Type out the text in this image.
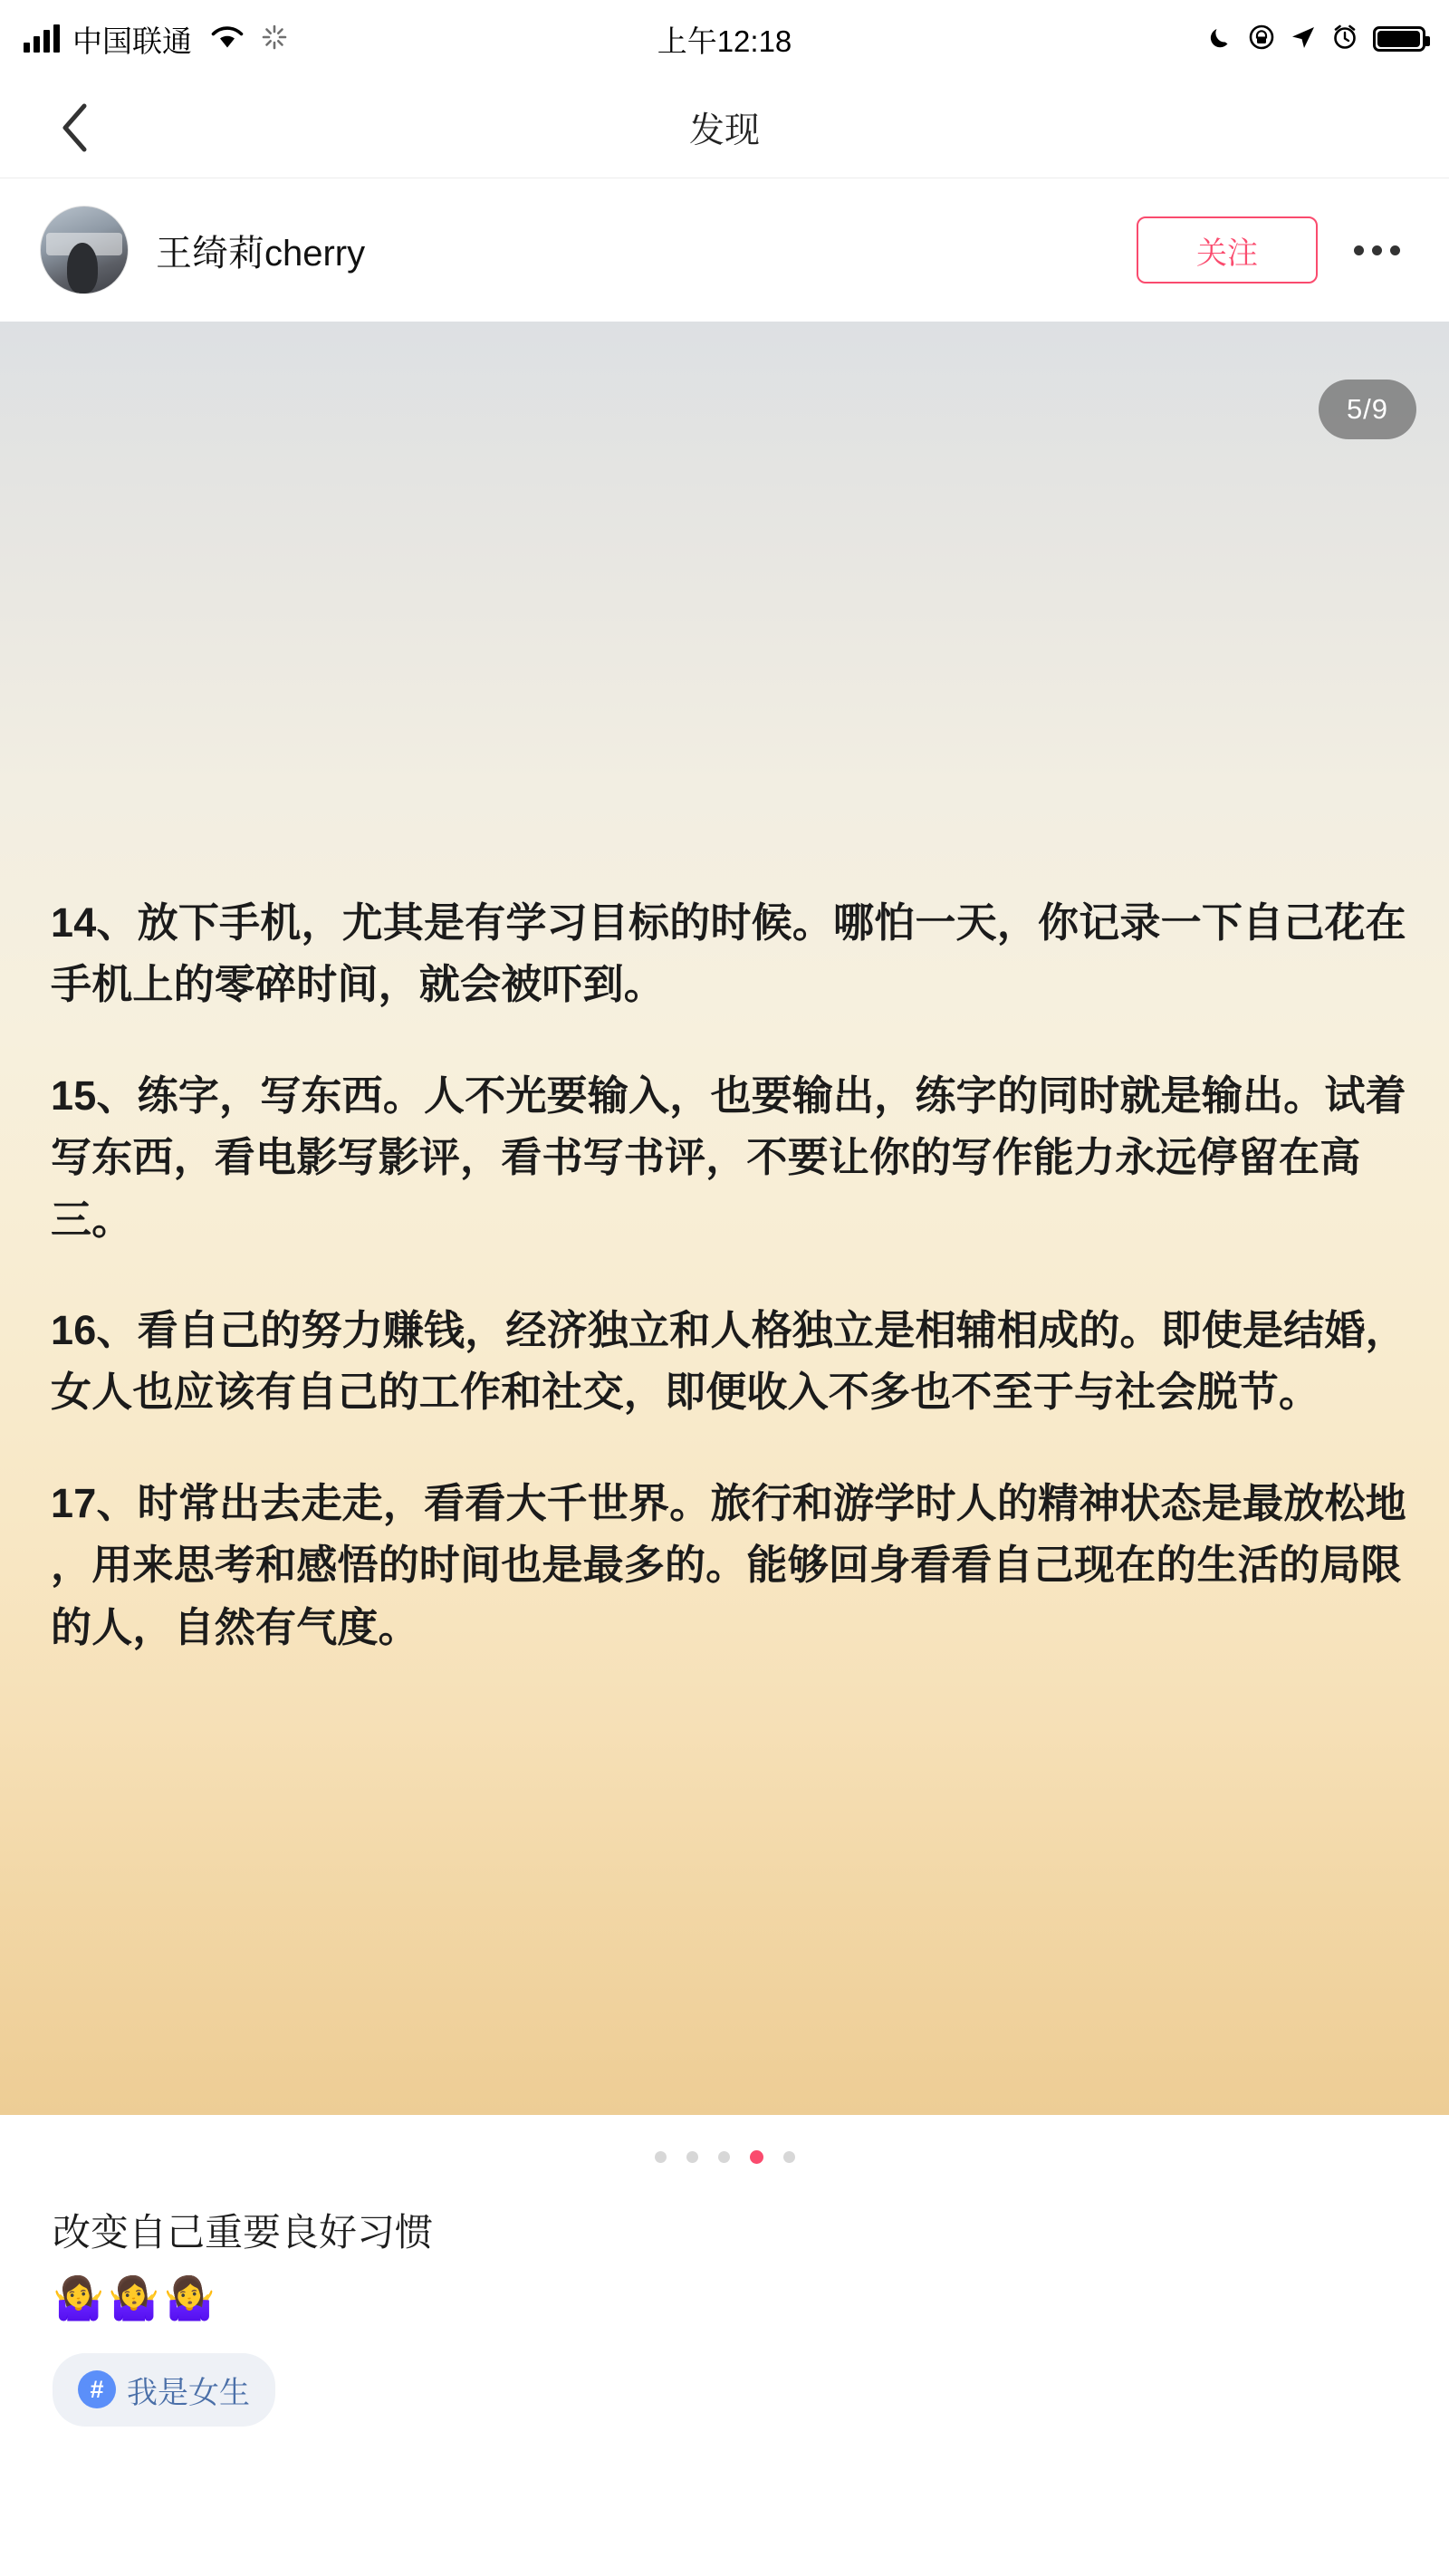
中国联通	上午12:18
发现
王绮莉cherry	关注
5/9

14、放下手机，尤其是有学习目标的时候。哪怕一天，你记录一下自己花在手机上的零碎时间，就会被吓到。

15、练字，写东西。人不光要输入，也要输出，练字的同时就是输出。试着写东西，看电影写影评，看书写书评，不要让你的写作能力永远停留在高三。

16、看自己的努力赚钱，经济独立和人格独立是相辅相成的。即使是结婚，女人也应该有自己的工作和社交，即便收入不多也不至于与社会脱节。

17、时常出去走走，看看大千世界。旅行和游学时人的精神状态是最放松地 ，用来思考和感悟的时间也是最多的。能够回身看看自己现在的生活的局限的人，自然有气度。

改变自己重要良好习惯
🤷‍♀️🤷‍♀️🤷‍♀️
# 我是女生
